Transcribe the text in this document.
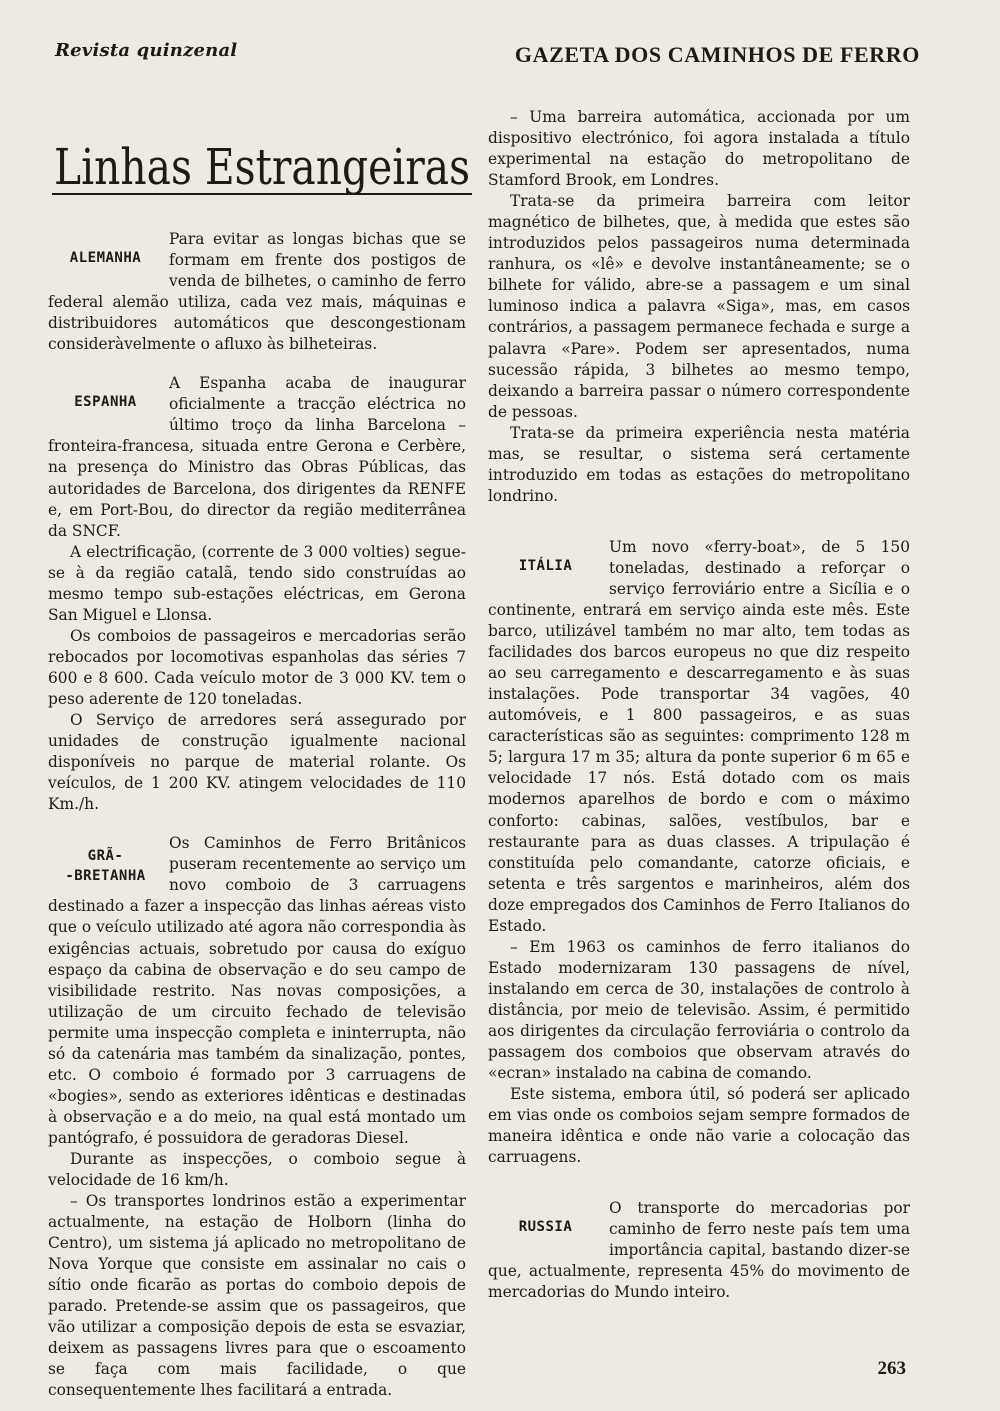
Revista quinzenal	GAZETA DOS CAMINHOS DE FERRO
Linhas Estrangeiras
ALEMANHA

Para evitar as longas bichas que se formam em frente dos postigos de venda de bilhetes, o caminho de ferro federal alemão utiliza, cada vez mais, máquinas e distribuidores automáticos que descongestionam consideràvelmente o afluxo às bilheteiras.

ESPANHA

A Espanha acaba de inaugurar oficialmente a tracção eléctrica no último troço da linha Barcelona – fronteira-francesa, situada entre Gerona e Cerbère, na presença do Ministro das Obras Públicas, das autoridades de Barcelona, dos dirigentes da RENFE e, em Port-Bou, do director da região mediterrânea da SNCF.

A electrificação, (corrente de 3 000 volties) segue-se à da região catalã, tendo sido construídas ao mesmo tempo sub-estações eléctricas, em Gerona San Miguel e Llonsa.

Os comboios de passageiros e mercadorias serão rebocados por locomotivas espanholas das séries 7 600 e 8 600. Cada veículo motor de 3 000 KV. tem o peso aderente de 120 toneladas.

O Serviço de arredores será assegurado por unidades de construção igualmente nacional disponíveis no parque de material rolante. Os veículos, de 1 200 KV. atingem velocidades de 110 Km./h.

GRÃ-
-BRETANHA

Os Caminhos de Ferro Britânicos puseram recentemente ao serviço um novo comboio de 3 carruagens destinado a fazer a inspecção das linhas aéreas visto que o veículo utilizado até agora não correspondia às exigências actuais, sobretudo por causa do exíguo espaço da cabina de observação e do seu campo de visibilidade restrito. Nas novas composições, a utilização de um circuito fechado de televisão permite uma inspecção completa e ininterrupta, não só da catenária mas também da sinalização, pontes, etc. O comboio é formado por 3 carruagens de «bogies», sendo as exteriores idênticas e destinadas à observação e a do meio, na qual está montado um pantógrafo, é possuidora de geradoras Diesel.

Durante as inspecções, o comboio segue à velocidade de 16 km/h.

– Os transportes londrinos estão a experimentar actualmente, na estação de Holborn (linha do Centro), um sistema já aplicado no metropolitano de Nova Yorque que consiste em assinalar no cais o sítio onde ficarão as portas do comboio depois de parado. Pretende-se assim que os passageiros, que vão utilizar a composição depois de esta se esvaziar, deixem as passagens livres para que o escoamento se faça com mais facilidade, o que consequentemente lhes facilitará a entrada.

– Uma barreira automática, accionada por um dispositivo electrónico, foi agora instalada a título experimental na estação do metropolitano de Stamford Brook, em Londres.

Trata-se da primeira barreira com leitor magnético de bilhetes, que, à medida que estes são introduzidos pelos passageiros numa determinada ranhura, os «lê» e devolve instantâneamente; se o bilhete for válido, abre-se a passagem e um sinal luminoso indica a palavra «Siga», mas, em casos contrários, a passagem permanece fechada e surge a palavra «Pare». Podem ser apresentados, numa sucessão rápida, 3 bilhetes ao mesmo tempo, deixando a barreira passar o número correspondente de pessoas.

Trata-se da primeira experiência nesta matéria mas, se resultar, o sistema será certamente introduzido em todas as estações do metropolitano londrino.

ITÁLIA

Um novo «ferry-boat», de 5 150 toneladas, destinado a reforçar o serviço ferroviário entre a Sicília e o continente, entrará em serviço ainda este mês. Este barco, utilizável também no mar alto, tem todas as facilidades dos barcos europeus no que diz respeito ao seu carregamento e descarregamento e às suas instalações. Pode transportar 34 vagões, 40 automóveis, e 1 800 passageiros, e as suas características são as seguintes: comprimento 128 m 5; largura 17 m 35; altura da ponte superior 6 m 65 e velocidade 17 nós. Está dotado com os mais modernos aparelhos de bordo e com o máximo conforto: cabinas, salões, vestíbulos, bar e restaurante para as duas classes. A tripulação é constituída pelo comandante, catorze oficiais, e setenta e três sargentos e marinheiros, além dos doze empregados dos Caminhos de Ferro Italianos do Estado.

– Em 1963 os caminhos de ferro italianos do Estado modernizaram 130 passagens de nível, instalando em cerca de 30, instalações de controlo à distância, por meio de televisão. Assim, é permitido aos dirigentes da circulação ferroviária o controlo da passagem dos comboios que observam através do «ecran» instalado na cabina de comando.

Este sistema, embora útil, só poderá ser aplicado em vias onde os comboios sejam sempre formados de maneira idêntica e onde não varie a colocação das carruagens.

RUSSIA

O transporte do mercadorias por caminho de ferro neste país tem uma importância capital, bastando dizer-se que, actualmente, representa 45% do movimento de mercadorias do Mundo inteiro.

263
